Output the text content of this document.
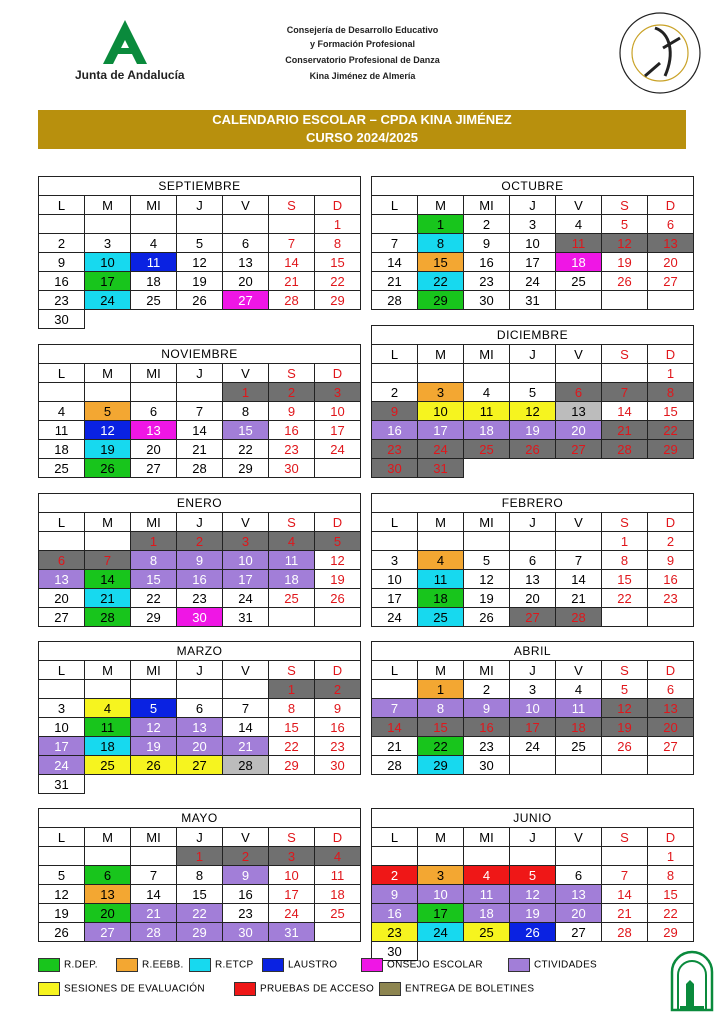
Junta de Andalucía
Consejería de Desarrollo Educativo
y Formación Profesional
Conservatorio Profesional de Danza
Kina Jiménez de Almería
CALENDARIO ESCOLAR – CPDA KINA JIMÉNEZ
CURSO 2024/2025
SEPTIEMBRE						
L	M	MI	J	V	S	D
						1
2	3	4	5	6	7	8
9	10	11	12	13	14	15
16	17	18	19	20	21	22
23	24	25	26	27	28	29
30						
OCTUBRE						
L	M	MI	J	V	S	D
	1	2	3	4	5	6
7	8	9	10	11	12	13
14	15	16	17	18	19	20
21	22	23	24	25	26	27
28	29	30	31			
NOVIEMBRE						
L	M	MI	J	V	S	D
				1	2	3
4	5	6	7	8	9	10
11	12	13	14	15	16	17
18	19	20	21	22	23	24
25	26	27	28	29	30	
DICIEMBRE						
L	M	MI	J	V	S	D
						1
2	3	4	5	6	7	8
9	10	11	12	13	14	15
16	17	18	19	20	21	22
23	24	25	26	27	28	29
30	31					
ENERO						
L	M	MI	J	V	S	D
		1	2	3	4	5
6	7	8	9	10	11	12
13	14	15	16	17	18	19
20	21	22	23	24	25	26
27	28	29	30	31		
FEBRERO						
L	M	MI	J	V	S	D
					1	2
3	4	5	6	7	8	9
10	11	12	13	14	15	16
17	18	19	20	21	22	23
24	25	26	27	28		
MARZO						
L	M	MI	J	V	S	D
					1	2
3	4	5	6	7	8	9
10	11	12	13	14	15	16
17	18	19	20	21	22	23
24	25	26	27	28	29	30
31						
ABRIL						
L	M	MI	J	V	S	D
	1	2	3	4	5	6
7	8	9	10	11	12	13
14	15	16	17	18	19	20
21	22	23	24	25	26	27
28	29	30				
MAYO						
L	M	MI	J	V	S	D
			1	2	3	4
5	6	7	8	9	10	11
12	13	14	15	16	17	18
19	20	21	22	23	24	25
26	27	28	29	30	31	
JUNIO						
L	M	MI	J	V	S	D
						1
2	3	4	5	6	7	8
9	10	11	12	13	14	15
16	17	18	19	20	21	22
23	24	25	26	27	28	29
30						
R.DEP.	R.EEBB.	R.ETCP	LAUSTRO	ONSEJO ESCOLAR	CTIVIDADES
SESIONES DE EVALUACIÓN	PRUEBAS DE ACCESO	ENTREGA DE BOLETINES
